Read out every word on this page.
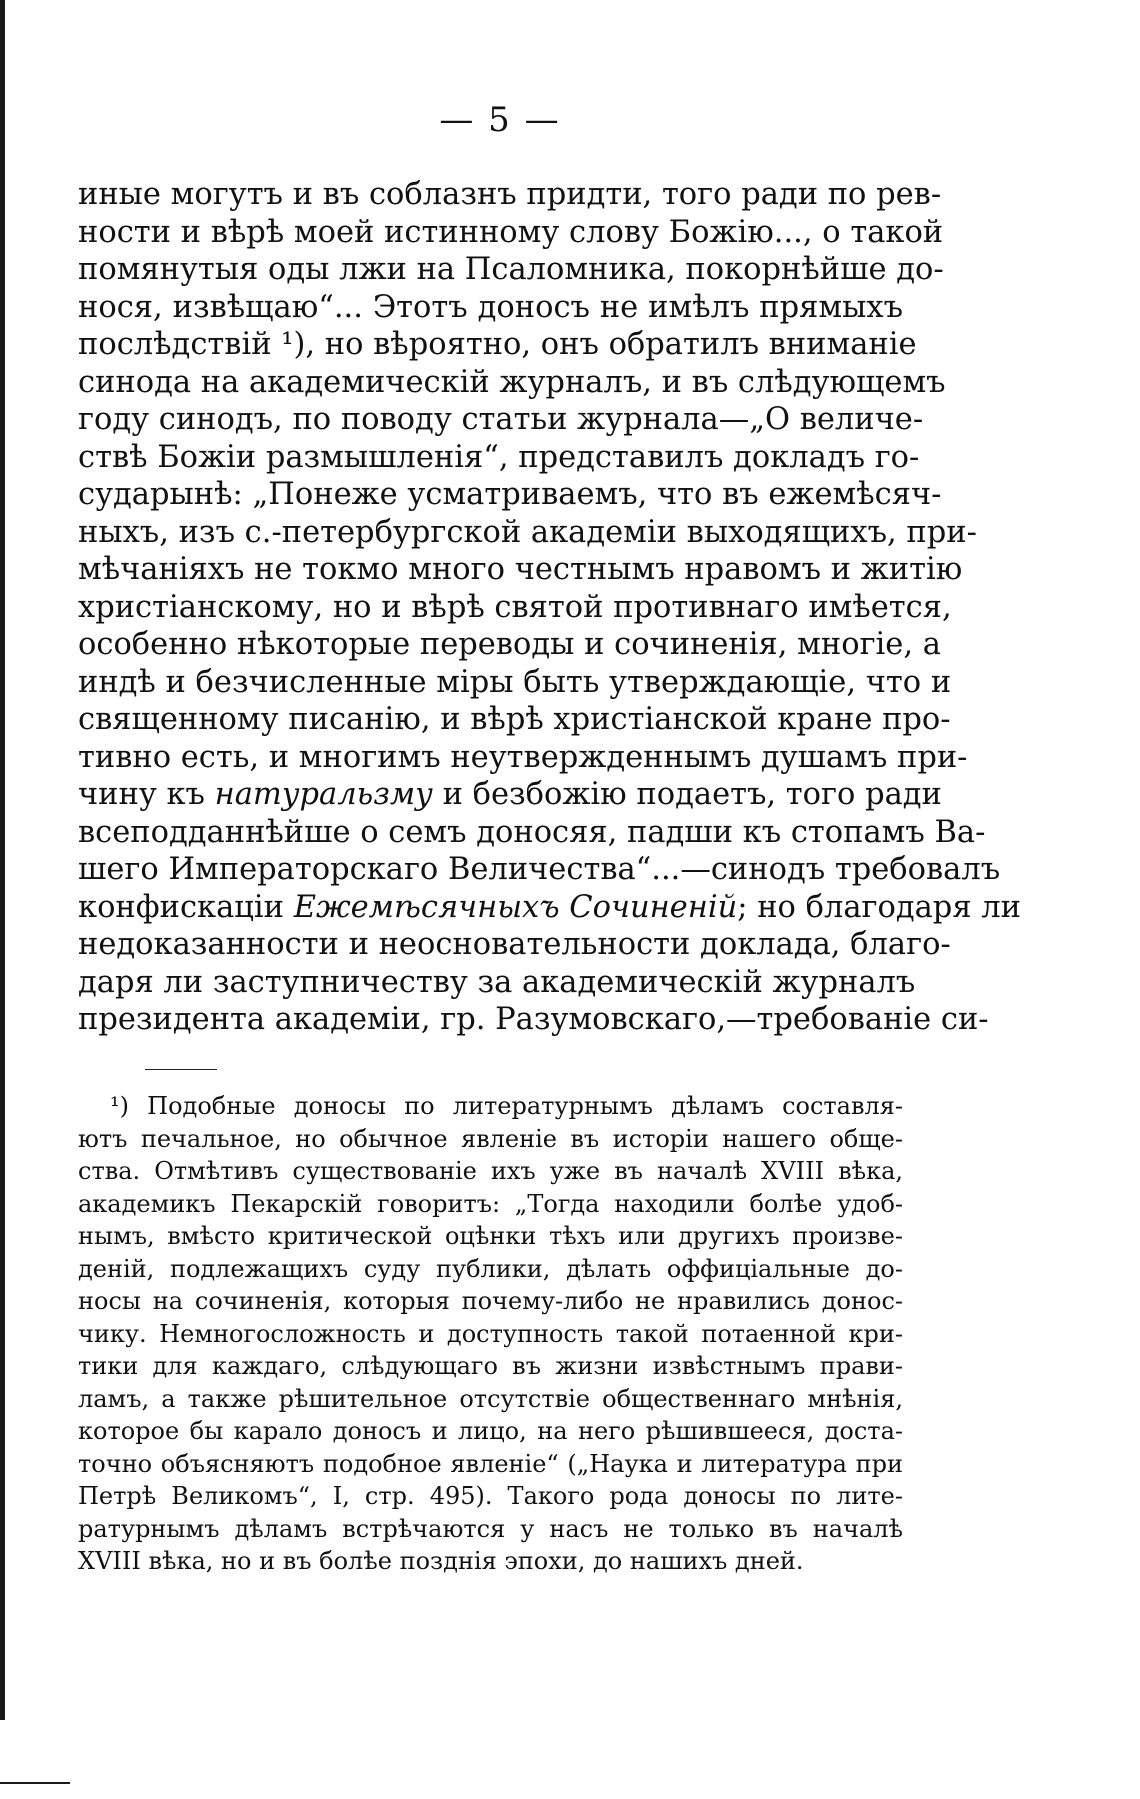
— 5 —
иные могутъ и въ соблазнъ придти, того ради по рев-
ности и вѣрѣ моей истинному слову Божію..., о такой
помянутыя оды лжи на Псаломника, покорнѣйше до-
нося, извѣщаю“... Этотъ доносъ не имѣлъ прямыхъ
послѣдствій ¹), но вѣроятно, онъ обратилъ вниманіе
синода на академическій журналъ, и въ слѣдующемъ
году синодъ, по поводу статьи журнала—„О величе-
ствѣ Божіи размышленія“, представилъ докладъ го-
сударынѣ: „Понеже усматриваемъ, что въ ежемѣсяч-
ныхъ, изъ с.-петербургской академіи выходящихъ, при-
мѣчаніяхъ не токмо много честнымъ нравомъ и житію
христіанскому, но и вѣрѣ святой противнаго имѣется,
особенно нѣкоторые переводы и сочиненія, многіе, а
индѣ и безчисленные міры быть утверждающіе, что и
священному писанію, и вѣрѣ христіанской кране про-
тивно есть, и многимъ неутвержденнымъ душамъ при-
чину къ натуральзму и безбожію подаетъ, того ради
всеподданнѣйше о семъ доносяя, падши къ стопамъ Ва-
шего Императорскаго Величества“...—синодъ требовалъ
конфискаціи Ежемѣсячныхъ Сочиненій; но благодаря ли
недоказанности и неосновательности доклада, благо-
даря ли заступничеству за академическій журналъ
президента академіи, гр. Разумовскаго,—требованіе си-
¹) Подобные доносы по литературнымъ дѣламъ составля-
ютъ печальное, но обычное явленіе въ исторіи нашего обще-
ства. Отмѣтивъ существованіе ихъ уже въ началѣ XVIII вѣка,
академикъ Пекарскій говоритъ: „Тогда находили болѣе удоб-
нымъ, вмѣсто критической оцѣнки тѣхъ или другихъ произве-
деній, подлежащихъ суду публики, дѣлать оффиціальные до-
носы на сочиненія, которыя почему-либо не нравились донос-
чику. Немногосложность и доступность такой потаенной кри-
тики для каждаго, слѣдующаго въ жизни извѣстнымъ прави-
ламъ, а также рѣшительное отсутствіе общественнаго мнѣнія,
которое бы карало доносъ и лицо, на него рѣшившееся, доста-
точно объясняютъ подобное явленіе“ („Наука и литература при
Петрѣ Великомъ“, I, стр. 495). Такого рода доносы по лите-
ратурнымъ дѣламъ встрѣчаются у насъ не только въ началѣ
XVIII вѣка, но и въ болѣе позднія эпохи, до нашихъ дней.
